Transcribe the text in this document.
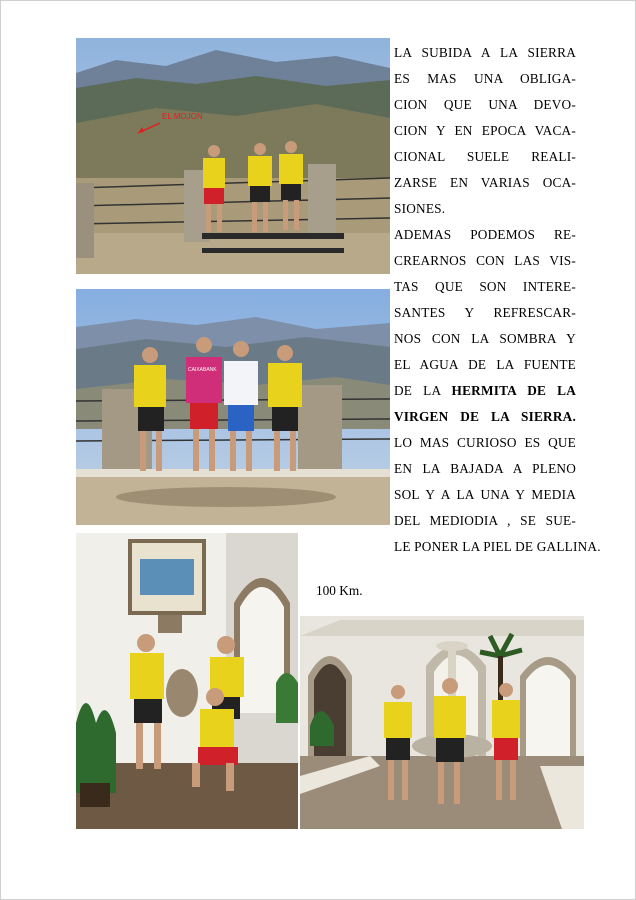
EL MOJON
CAIXABANK
LA SUBIDA A LA SIERRA
ES MAS UNA OBLIGA-
CION QUE UNA DEVO-
CION Y EN EPOCA VACA-
CIONAL SUELE REALI-
ZARSE EN VARIAS OCA-
SIONES.
ADEMAS PODEMOS RE-
CREARNOS CON LAS VIS-
TAS QUE SON INTERE-
SANTES Y REFRESCAR-
NOS CON LA SOMBRA Y
EL AGUA DE LA FUENTE
DE LA HERMITA DE LA
VIRGEN DE LA SIERRA.
LO MAS CURIOSO ES QUE
EN LA BAJADA A PLENO
SOL Y A LA UNA Y MEDIA
DEL MEDIODIA , SE SUE-
LE PONER LA PIEL DE GALLINA.
100 Km.
